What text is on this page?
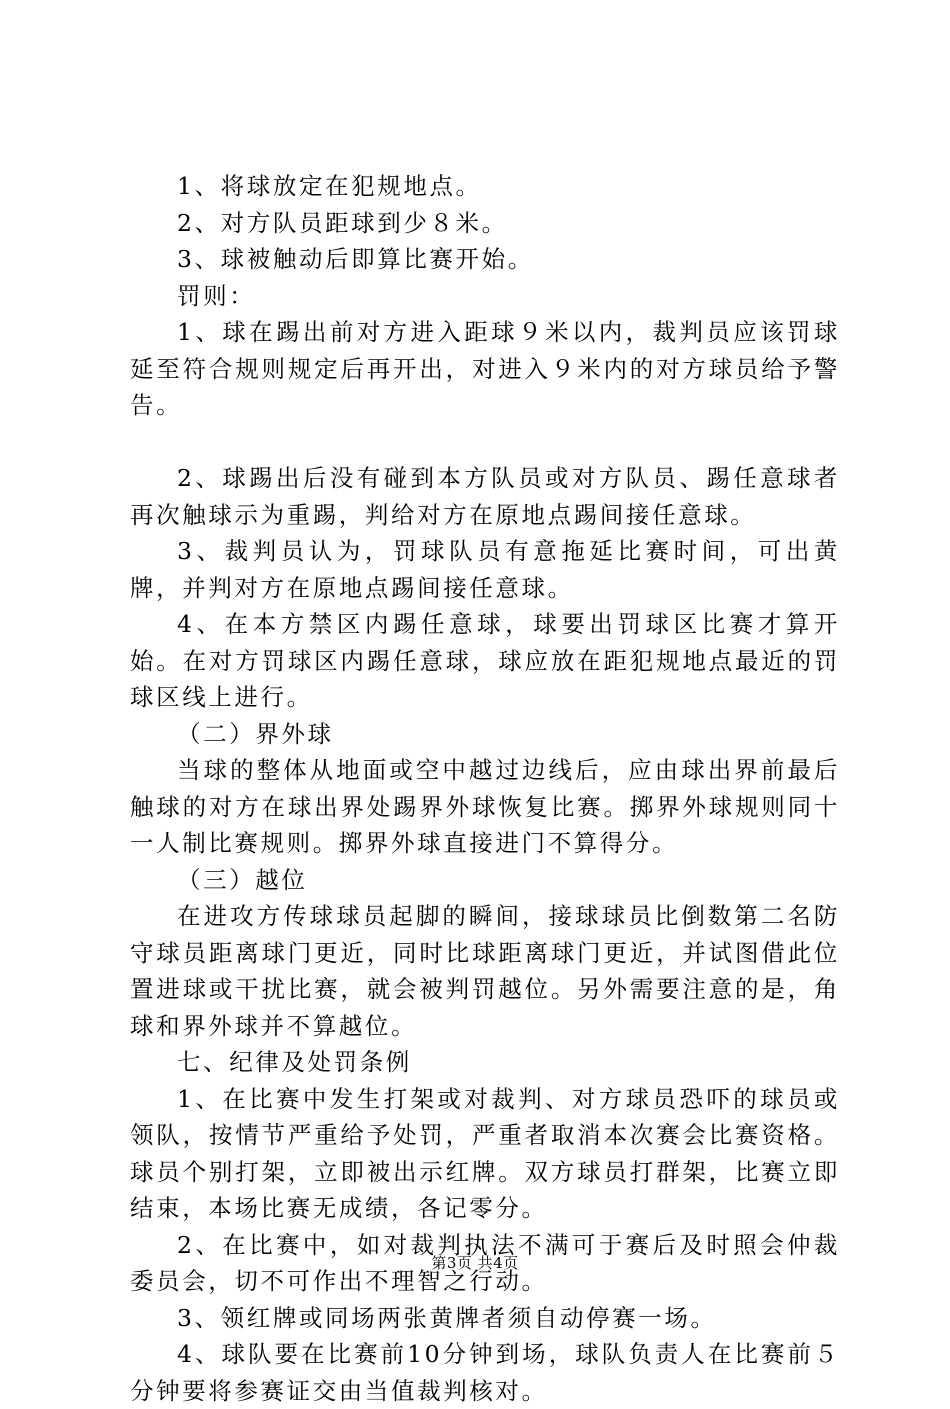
1、将球放定在犯规地点。

2、对方队员距球到少８米。

3、球被触动后即算比赛开始。

罚则：

1、球在踢出前对方进入距球９米以内，裁判员应该罚球延至符合规则规定后再开出，对进入９米内的对方球员给予警告。

2、球踢出后没有碰到本方队员或对方队员、踢任意球者再次触球示为重踢，判给对方在原地点踢间接任意球。

3、裁判员认为，罚球队员有意拖延比赛时间，可出黄牌，并判对方在原地点踢间接任意球。

4、在本方禁区内踢任意球，球要出罚球区比赛才算开始。在对方罚球区内踢任意球，球应放在距犯规地点最近的罚球区线上进行。

（二）界外球

当球的整体从地面或空中越过边线后，应由球出界前最后触球的对方在球出界处踢界外球恢复比赛。掷界外球规则同十一人制比赛规则。掷界外球直接进门不算得分。

（三）越位

在进攻方传球球员起脚的瞬间，接球球员比倒数第二名防守球员距离球门更近，同时比球距离球门更近，并试图借此位置进球或干扰比赛，就会被判罚越位。另外需要注意的是，角球和界外球并不算越位。

七、纪律及处罚条例

1、在比赛中发生打架或对裁判、对方球员恐吓的球员或领队，按情节严重给予处罚，严重者取消本次赛会比赛资格。球员个别打架，立即被出示红牌。双方球员打群架，比赛立即结束，本场比赛无成绩，各记零分。

2、在比赛中，如对裁判执法不满可于赛后及时照会仲裁委员会，切不可作出不理智之行动。

3、领红牌或同场两张黄牌者须自动停赛一场。

4、球队要在比赛前10分钟到场，球队负责人在比赛前５分钟要将参赛证交由当值裁判核对。

第3页 共4页
